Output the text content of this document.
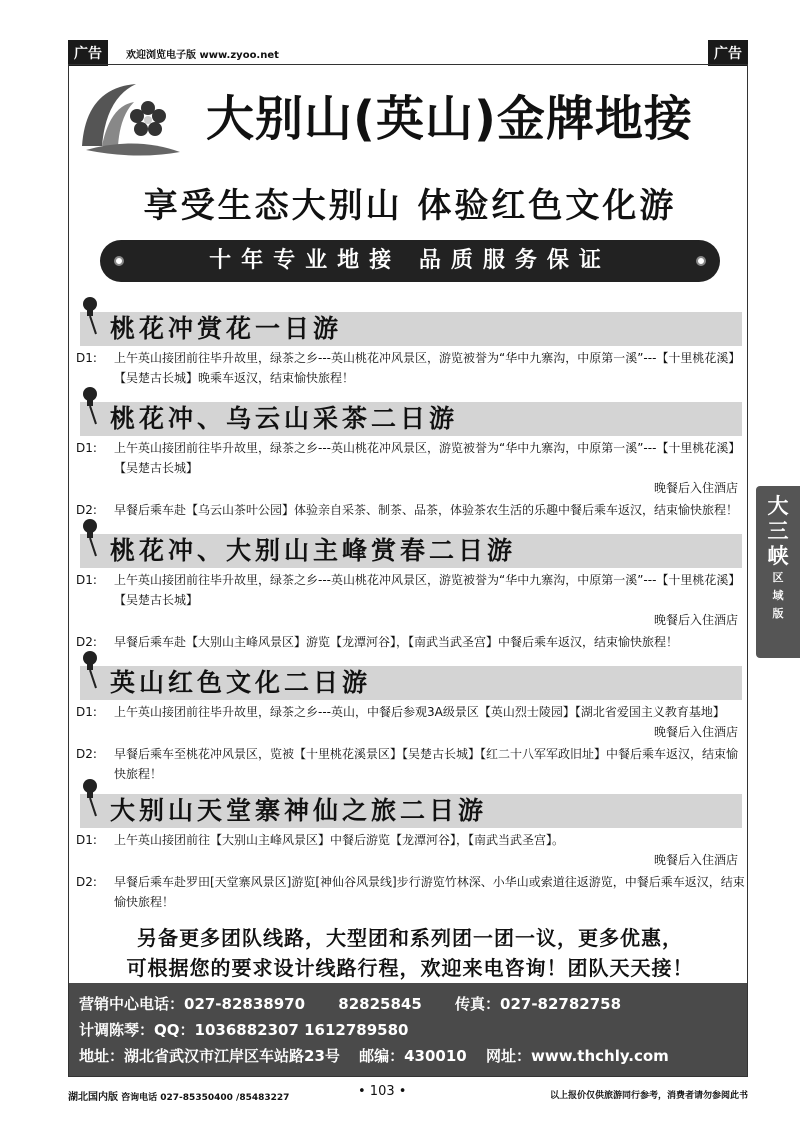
广告	欢迎浏览电子版 www.zyoo.net	广告
大别山(英山)金牌地接
享受生态大别山 体验红色文化游
十年专业地接 品质服务保证
桃花冲赏花一日游
D1: 上午英山接团前往毕升故里，绿茶之乡---英山桃花冲风景区，游览被誉为“华中九寨沟，中原第一溪”---【十里桃花溪】【吴楚古长城】晚乘车返汉，结束愉快旅程！
桃花冲、乌云山采茶二日游
D1: 上午英山接团前往毕升故里，绿茶之乡---英山桃花冲风景区，游览被誉为“华中九寨沟，中原第一溪”---【十里桃花溪】【吴楚古长城】
晚餐后入住酒店
D2: 早餐后乘车赴【乌云山茶叶公园】体验亲自采茶、制茶、品茶，体验茶农生活的乐趣中餐后乘车返汉，结束愉快旅程！
桃花冲、大别山主峰赏春二日游
D1: 上午英山接团前往毕升故里，绿茶之乡---英山桃花冲风景区，游览被誉为“华中九寨沟，中原第一溪”---【十里桃花溪】【吴楚古长城】
晚餐后入住酒店
D2: 早餐后乘车赴【大别山主峰风景区】游览【龙潭河谷】，【南武当武圣宫】中餐后乘车返汉，结束愉快旅程！
英山红色文化二日游
D1: 上午英山接团前往毕升故里，绿茶之乡---英山，中餐后参观3A级景区【英山烈士陵园】【湖北省爱国主义教育基地】
晚餐后入住酒店
D2: 早餐后乘车至桃花冲风景区，览被【十里桃花溪景区】【吴楚古长城】【红二十八军军政旧址】中餐后乘车返汉，结束愉快旅程！
大别山天堂寨神仙之旅二日游
D1: 上午英山接团前往【大别山主峰风景区】中餐后游览【龙潭河谷】，【南武当武圣宫】。
晚餐后入住酒店
D2: 早餐后乘车赴罗田[天堂寨风景区]游览[神仙谷风景线]步行游览竹林深、小华山或索道往返游览，中餐后乘车返汉，结束愉快旅程！
另备更多团队线路，大型团和系列团一团一议，更多优惠，
可根据您的要求设计线路行程，欢迎来电咨询！团队天天接！
营销中心电话：027-82838970 82825845 传真：027-82782758
计调陈琴：QQ：1036882307 1612789580
地址：湖北省武汉市江岸区车站路23号 邮编：430010 网址：www.thchly.com
湖北国内版 咨询电话 027-85350400 /85483227	• 103 •	以上报价仅供旅游同行参考，消费者请勿参阅此书
大
三
峡
区
域
版
